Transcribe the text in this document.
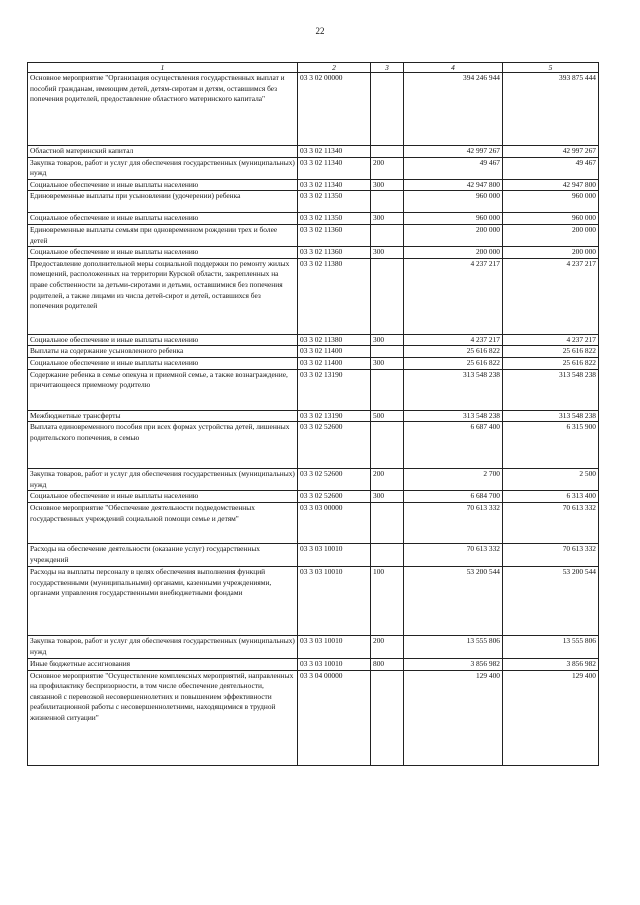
22
1	2	3	4	5
Основное мероприятие "Организация осуществления государственных выплат и пособий гражданам, имеющим детей, детям-сиротам и детям, оставшимся без попечения родителей, предоставление областного материнского капитала"	03 3 02 00000		394 246 944	393 875 444
Областной материнский капитал	03 3 02 11340		42 997 267	42 997 267
Закупка товаров, работ и услуг для обеспечения государственных (муниципальных) нужд	03 3 02 11340	200	49 467	49 467
Социальное обеспечение и иные выплаты населению	03 3 02 11340	300	42 947 800	42 947 800
Единовременные выплаты при усыновлении (удочерении) ребенка	03 3 02 11350		960 000	960 000
Социальное обеспечение и иные выплаты населению	03 3 02 11350	300	960 000	960 000
Единовременные выплаты семьям при одновременном рождении трех и более детей	03 3 02 11360		200 000	200 000
Социальное обеспечение и иные выплаты населению	03 3 02 11360	300	200 000	200 000
Предоставление дополнительной меры социальной поддержки по ремонту жилых помещений, расположенных на территории Курской области, закрепленных на праве собственности за детьми-сиротами и детьми, оставшимися без попечения родителей, а также лицами из числа детей-сирот и детей, оставшихся без попечения родителей	03 3 02 11380		4 237 217	4 237 217
Социальное обеспечение и иные выплаты населению	03 3 02 11380	300	4 237 217	4 237 217
Выплаты на содержание усыновленного ребенка	03 3 02 11400		25 616 822	25 616 822
Социальное обеспечение и иные выплаты населению	03 3 02 11400	300	25 616 822	25 616 822
Содержание ребенка в семье опекуна и приемной семье, а также вознаграждение, причитающееся приемному родителю	03 3 02 13190		313 548 238	313 548 238
Межбюджетные трансферты	03 3 02 13190	500	313 548 238	313 548 238
Выплата единовременного пособия при всех формах устройства детей, лишенных родительского попечения, в семью	03 3 02 52600		6 687 400	6 315 900
Закупка товаров, работ и услуг для обеспечения государственных (муниципальных) нужд	03 3 02 52600	200	2 700	2 500
Социальное обеспечение и иные выплаты населению	03 3 02 52600	300	6 684 700	6 313 400
Основное мероприятие "Обеспечение деятельности подведомственных государственных учреждений социальной помощи семье и детям"	03 3 03 00000		70 613 332	70 613 332
Расходы на обеспечение деятельности (оказание услуг) государственных учреждений	03 3 03 10010		70 613 332	70 613 332
Расходы на выплаты персоналу в целях обеспечения выполнения функций государственными (муниципальными) органами, казенными учреждениями, органами управления государственными внебюджетными фондами	03 3 03 10010	100	53 200 544	53 200 544
Закупка товаров, работ и услуг для обеспечения государственных (муниципальных) нужд	03 3 03 10010	200	13 555 806	13 555 806
Иные бюджетные ассигнования	03 3 03 10010	800	3 856 982	3 856 982
Основное мероприятие "Осуществление комплексных мероприятий, направленных на профилактику беспризорности, в том числе обеспечение деятельности, связанной с перевозкой несовершеннолетних и повышением эффективности реабилитационной работы с несовершеннолетними, находящимися в трудной жизненной ситуации"	03 3 04 00000		129 400	129 400
